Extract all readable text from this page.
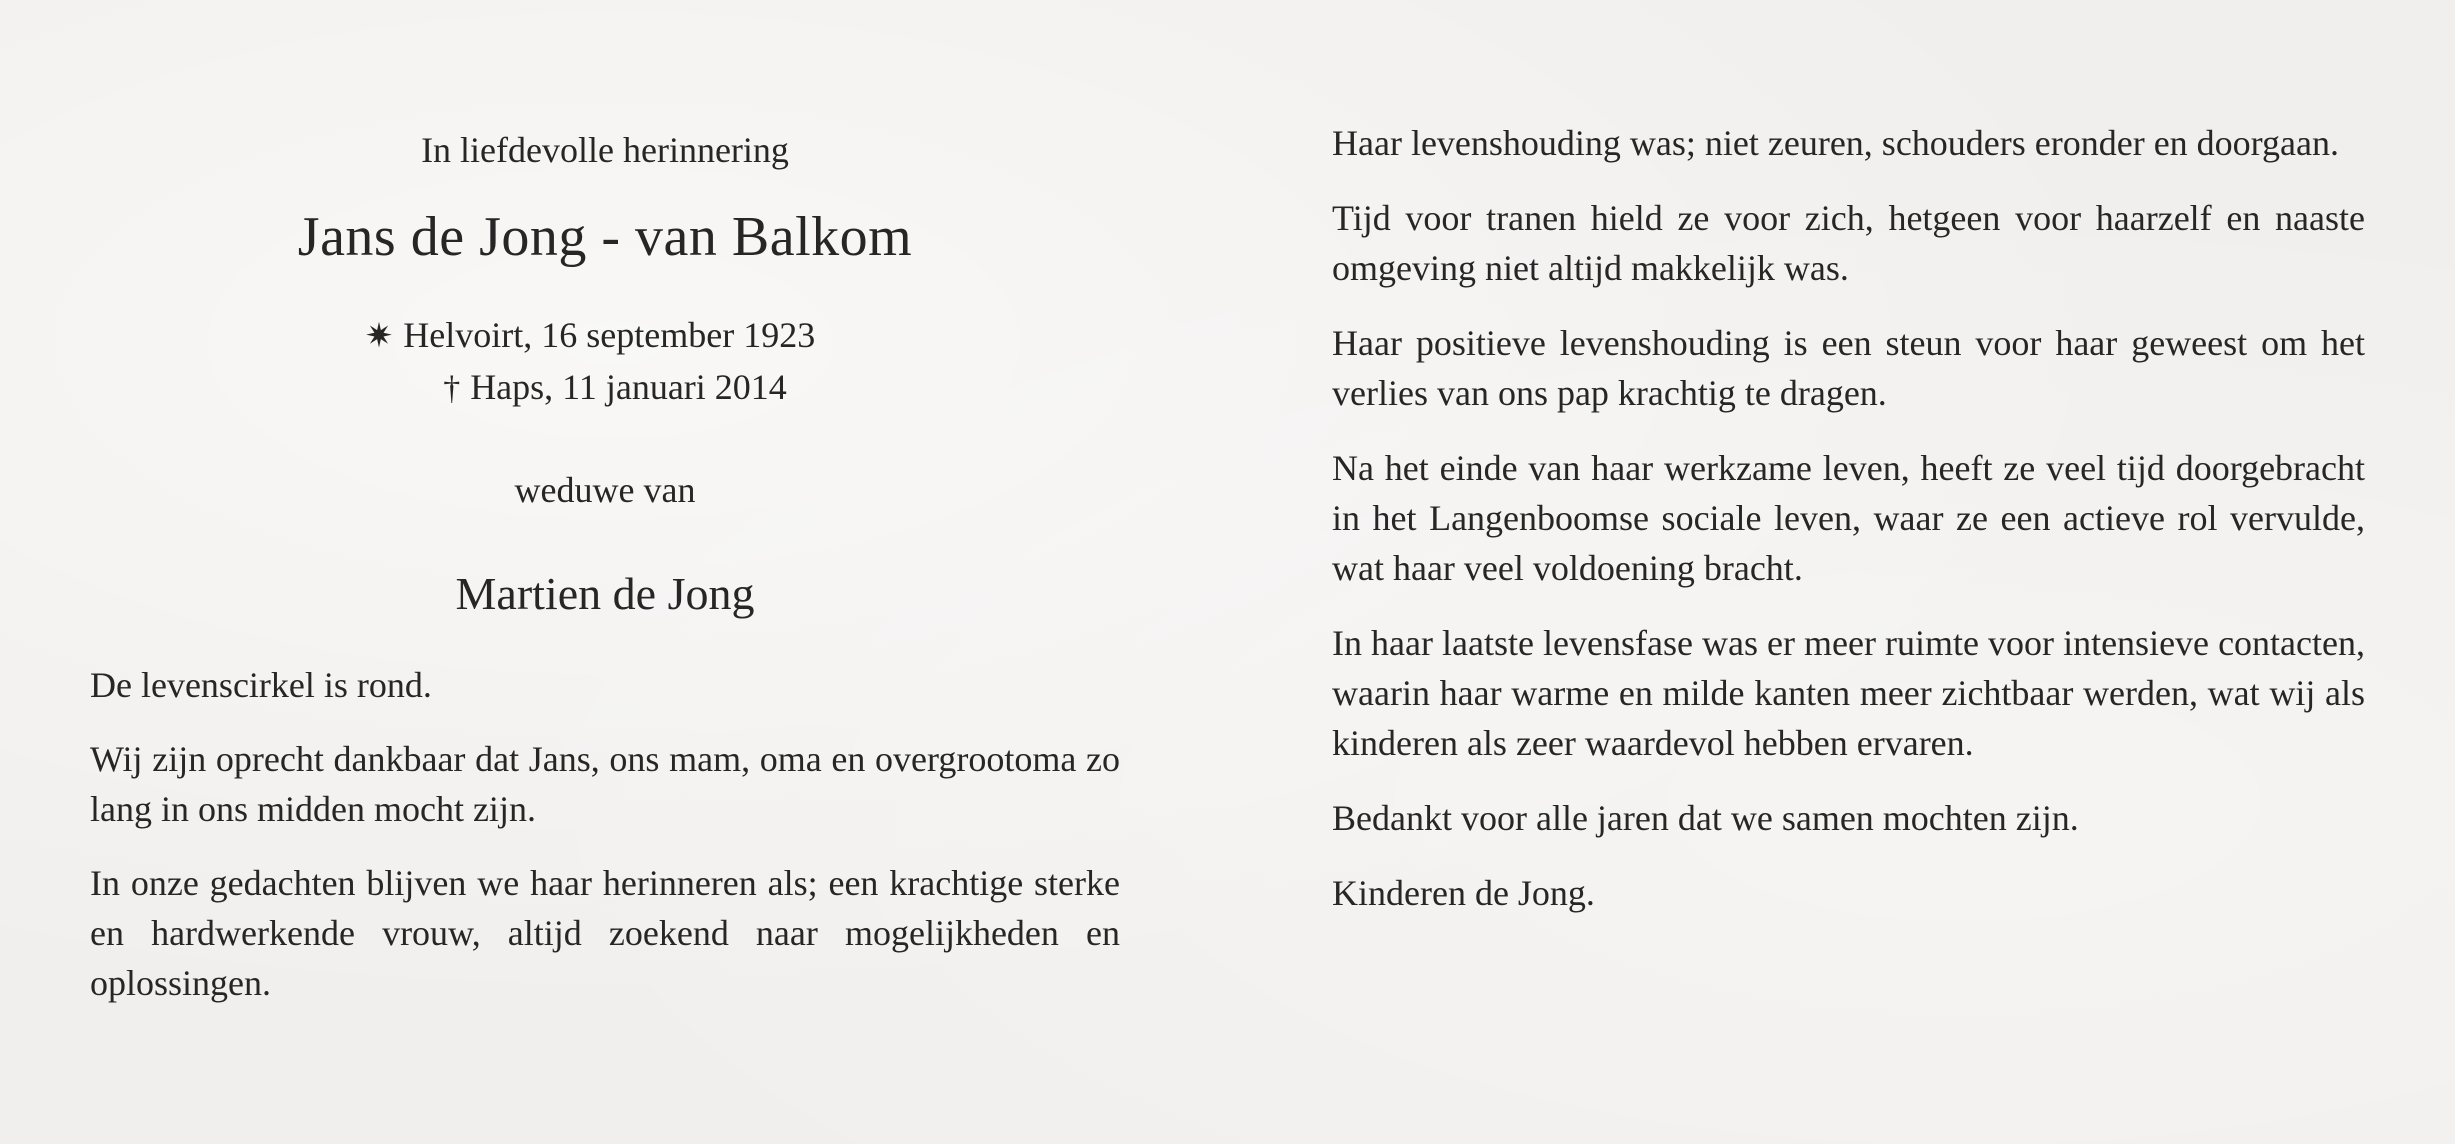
In liefdevolle herinnering

Jans de Jong - van Balkom

✷ Helvoirt, 16 september 1923
† Haps, 11 januari 2014

weduwe van

Martien de Jong

De levenscirkel is rond.

Wij zijn oprecht dankbaar dat Jans, ons mam, oma en overgrootoma zo lang in ons midden mocht zijn.

In onze gedachten blijven we haar herinneren als; een krachtige sterke en hardwerkende vrouw, altijd zoekend naar mogelijkheden en oplossingen.

Haar levenshouding was; niet zeuren, schouders eronder en doorgaan.

Tijd voor tranen hield ze voor zich, hetgeen voor haarzelf en naaste omgeving niet altijd makkelijk was.

Haar positieve levenshouding is een steun voor haar geweest om het verlies van ons pap krachtig te dragen.

Na het einde van haar werkzame leven, heeft ze veel tijd doorgebracht in het Langenboomse sociale leven, waar ze een actieve rol vervulde, wat haar veel voldoening bracht.

In haar laatste levensfase was er meer ruimte voor intensieve contacten, waarin haar warme en milde kanten meer zichtbaar werden, wat wij als kinderen als zeer waardevol hebben ervaren.

Bedankt voor alle jaren dat we samen mochten zijn.

Kinderen de Jong.
